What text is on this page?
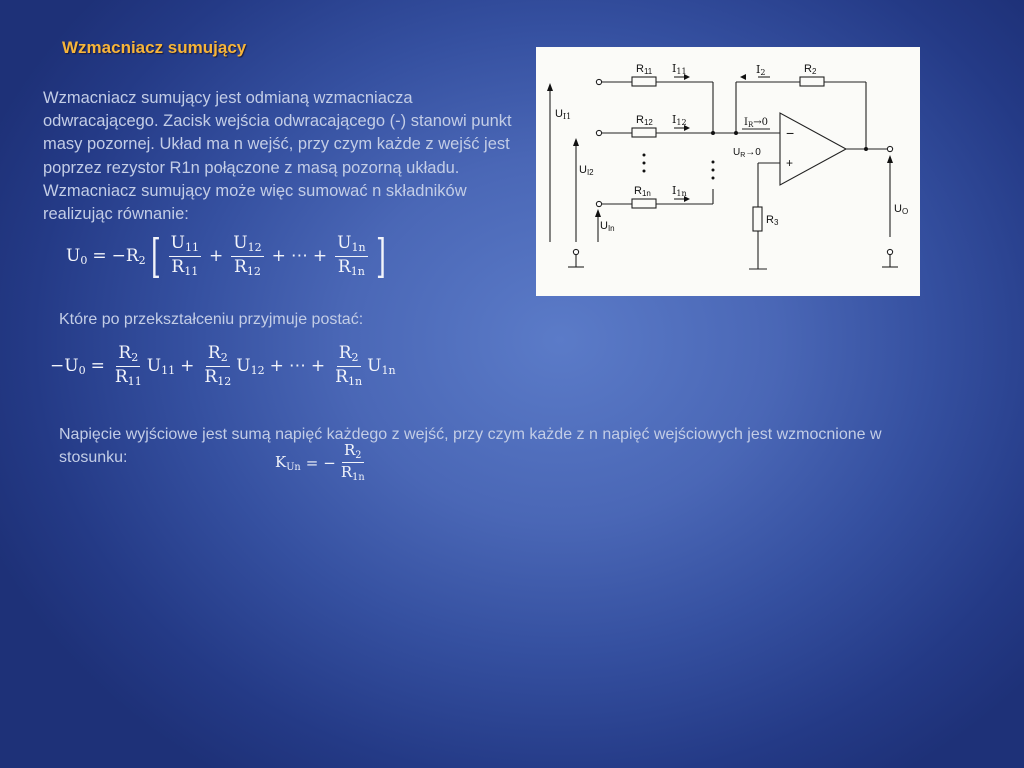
Wzmacniacz sumujący
Wzmacniacz sumujący jest odmianą wzmacniacza odwracającego. Zacisk wejścia odwracającego (-) stanowi punkt masy pozornej. Układ ma n wejść, przy czym każde z wejść jest poprzez rezystor R1n połączone z masą pozorną układu. Wzmacniacz sumujący może więc sumować n składników realizując równanie:
$U_0 = -R_2$ [ $\frac{U_{11}}{R_{11}} + \frac{U_{12}}{R_{12}}$ + ⋯ + $\frac{U_{1n}}{R_{1n}}$ ]
Które po przekształceniu przyjmuje postać:
$-U_0 = \frac{R_2}{R_{11}} U_{11} + \frac{R_2}{R_{12}} U_{12}$ + ⋯ + $\frac{R_2}{R_{1n}} U_{1n}$
Napięcie wyjściowe jest sumą napięć każdego z wejść, przy czym każde z n napięć wejściowych jest wzmocnione w stosunku:	$K_{Un}$ = − $\frac{R_2}{R_{1n}}$
R11 I11
R12 I12
R1n I1n
I2	R2
$I_R\to 0$
$U_R\to 0$
−
+
R3
UI1
UI2
UIn
UO
